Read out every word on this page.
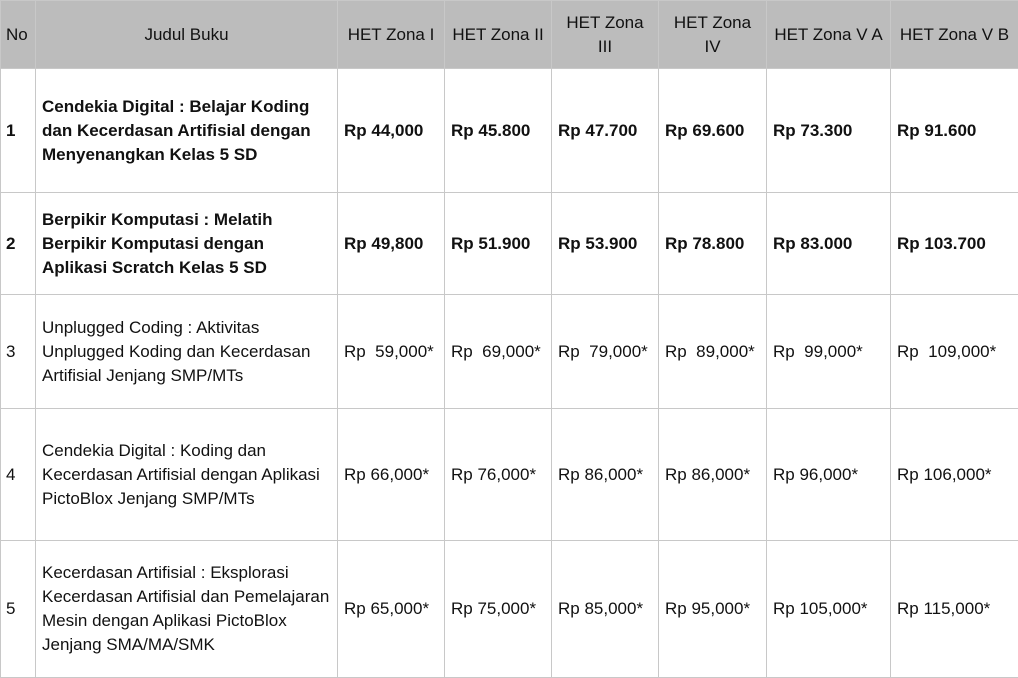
No	Judul Buku	HET Zona I	HET Zona II	HET Zona III	HET Zona IV	HET Zona V A	HET Zona V B
1	Cendekia Digital : Belajar Koding dan Kecerdasan Artifisial dengan Menyenangkan Kelas 5 SD	Rp 44,000	Rp 45.800	Rp 47.700	Rp 69.600	Rp 73.300	Rp 91.600
2	Berpikir Komputasi : Melatih Berpikir Komputasi dengan Aplikasi Scratch Kelas 5 SD	Rp 49,800	Rp 51.900	Rp 53.900	Rp 78.800	Rp 83.000	Rp 103.700
3	Unplugged Coding : Aktivitas Unplugged Koding dan Kecerdasan Artifisial Jenjang SMP/MTs	Rp  59,000*	Rp  69,000*	Rp  79,000*	Rp  89,000*	Rp  99,000*	Rp  109,000*
4	Cendekia Digital : Koding dan Kecerdasan Artifisial dengan Aplikasi PictoBlox Jenjang SMP/MTs	Rp 66,000*	Rp 76,000*	Rp 86,000*	Rp 86,000*	Rp 96,000*	Rp 106,000*
5	Kecerdasan Artifisial : Eksplorasi Kecerdasan Artifisial dan Pemelajaran Mesin dengan Aplikasi PictoBlox Jenjang SMA/MA/SMK	Rp 65,000*	Rp 75,000*	Rp 85,000*	Rp 95,000*	Rp 105,000*	Rp 115,000*
